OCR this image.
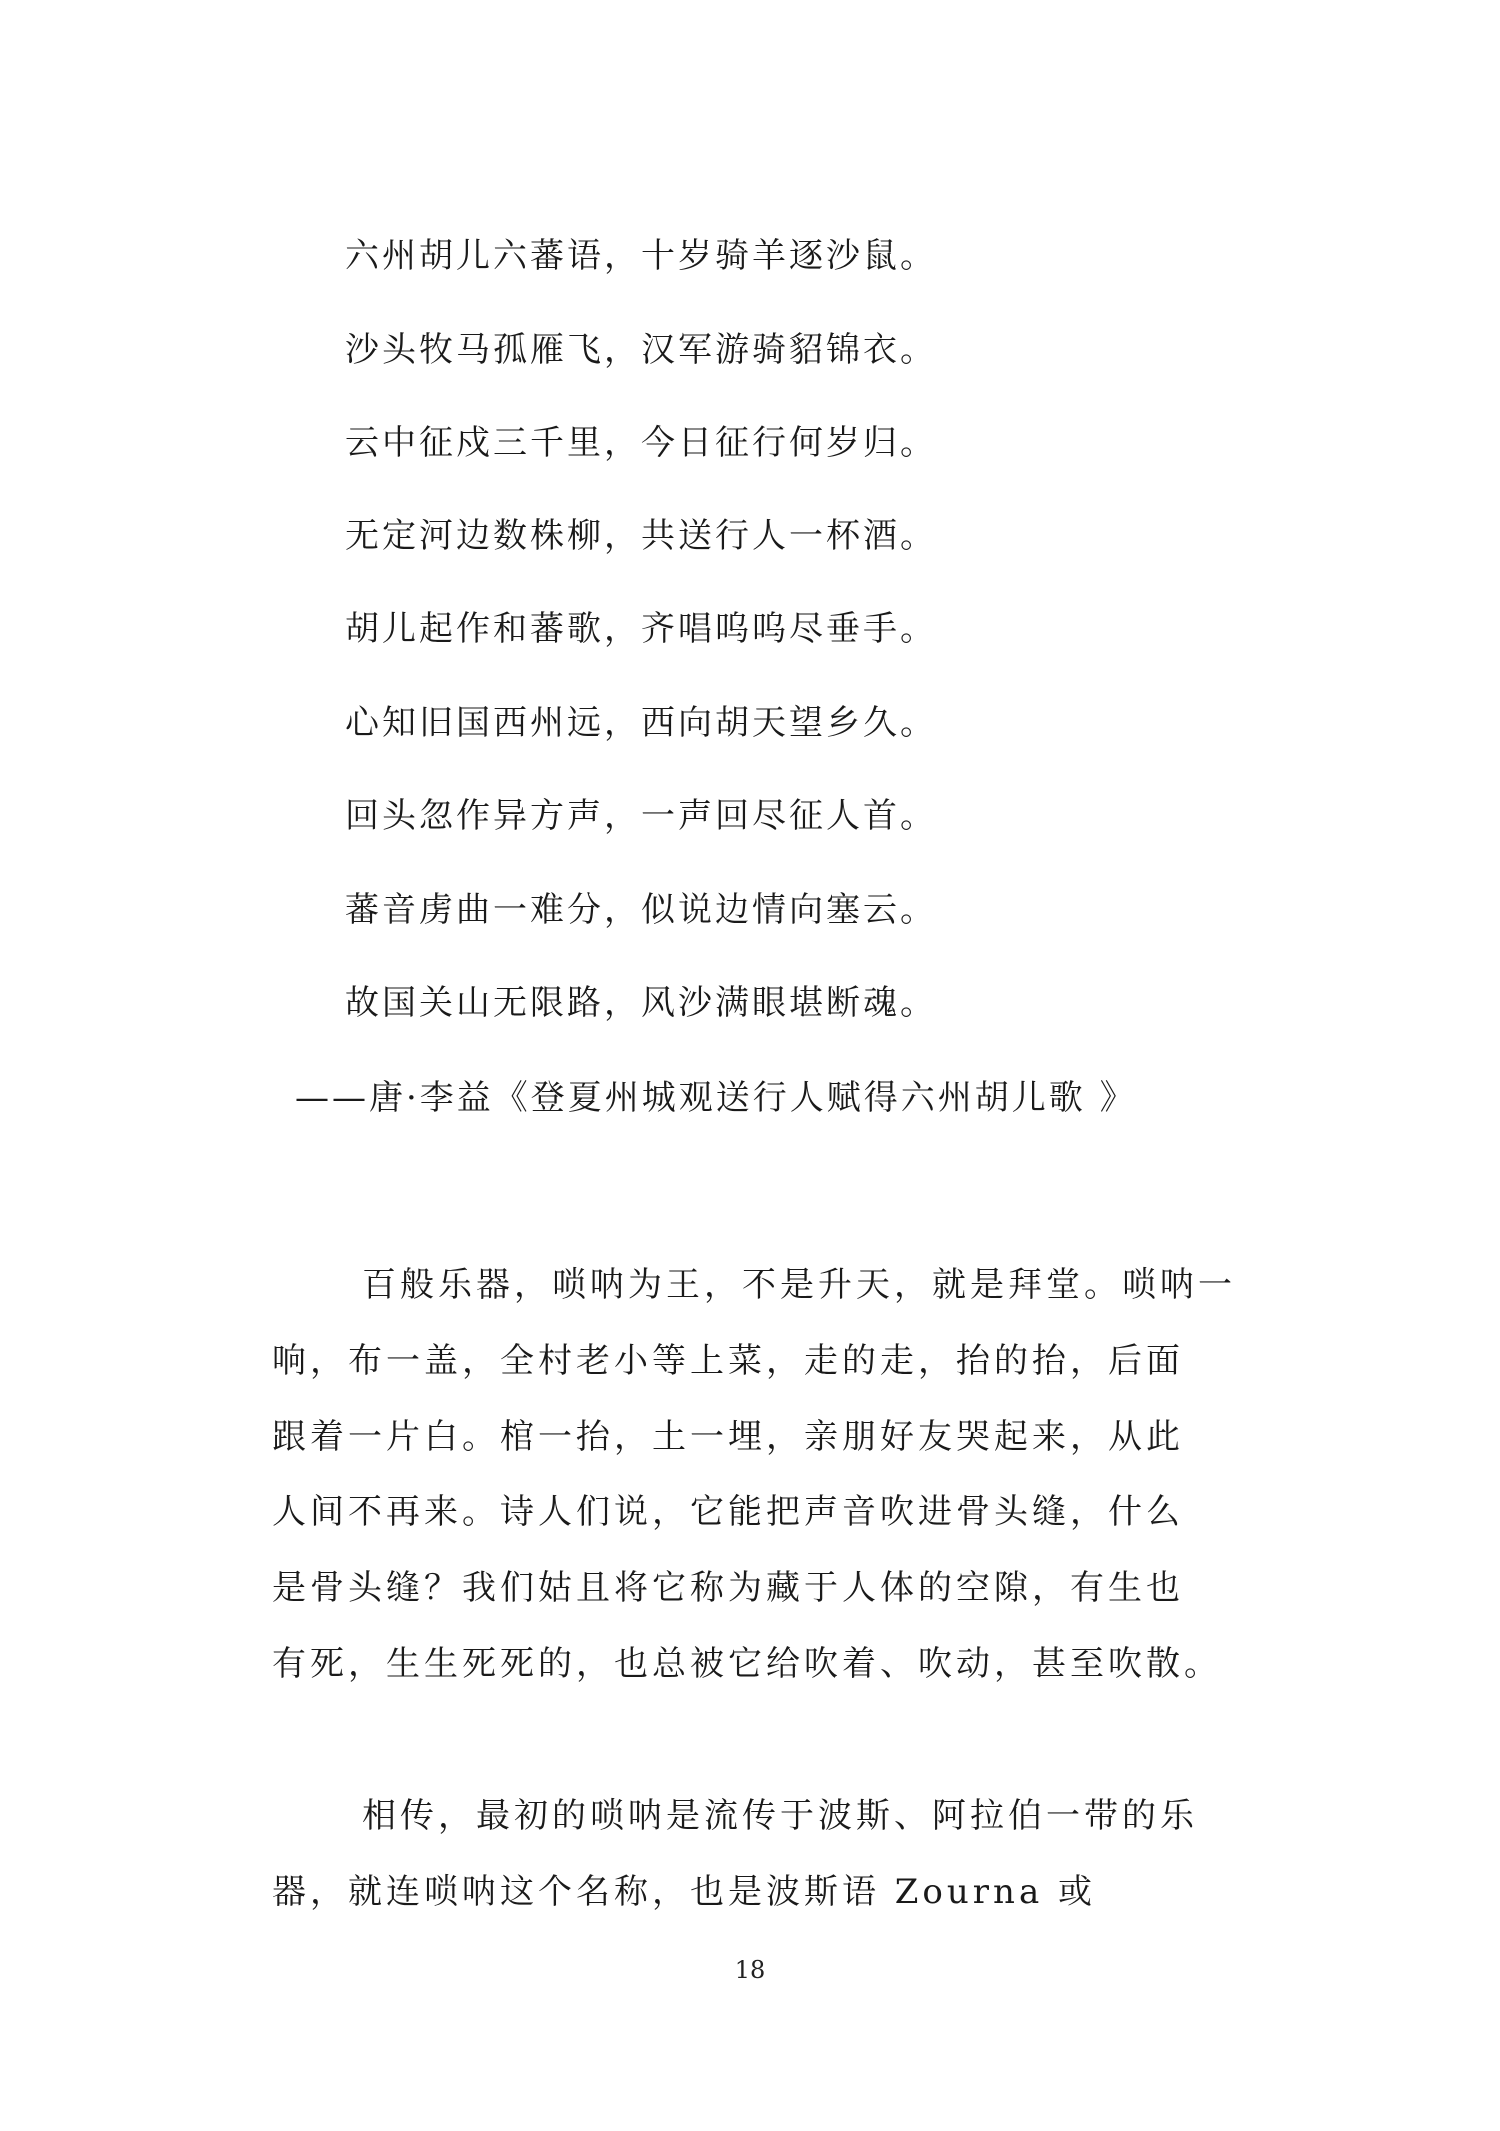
六州胡儿六蕃语，十岁骑羊逐沙鼠。
沙头牧马孤雁飞，汉军游骑貂锦衣。
云中征戍三千里，今日征行何岁归。
无定河边数株柳，共送行人一杯酒。
胡儿起作和蕃歌，齐唱呜呜尽垂手。
心知旧国西州远，西向胡天望乡久。
回头忽作异方声，一声回尽征人首。
蕃音虏曲一难分，似说边情向塞云。
故国关山无限路，风沙满眼堪断魂。
——唐·李益《登夏州城观送行人赋得六州胡儿歌 》
百般乐器，唢呐为王，不是升天，就是拜堂。唢呐一
响，布一盖，全村老小等上菜，走的走，抬的抬，后面
跟着一片白。棺一抬，土一埋，亲朋好友哭起来，从此
人间不再来。诗人们说，它能把声音吹进骨头缝，什么
是骨头缝？我们姑且将它称为藏于人体的空隙，有生也
有死，生生死死的，也总被它给吹着、吹动，甚至吹散。
相传，最初的唢呐是流传于波斯、阿拉伯一带的乐
器，就连唢呐这个名称，也是波斯语 Zourna 或
18
